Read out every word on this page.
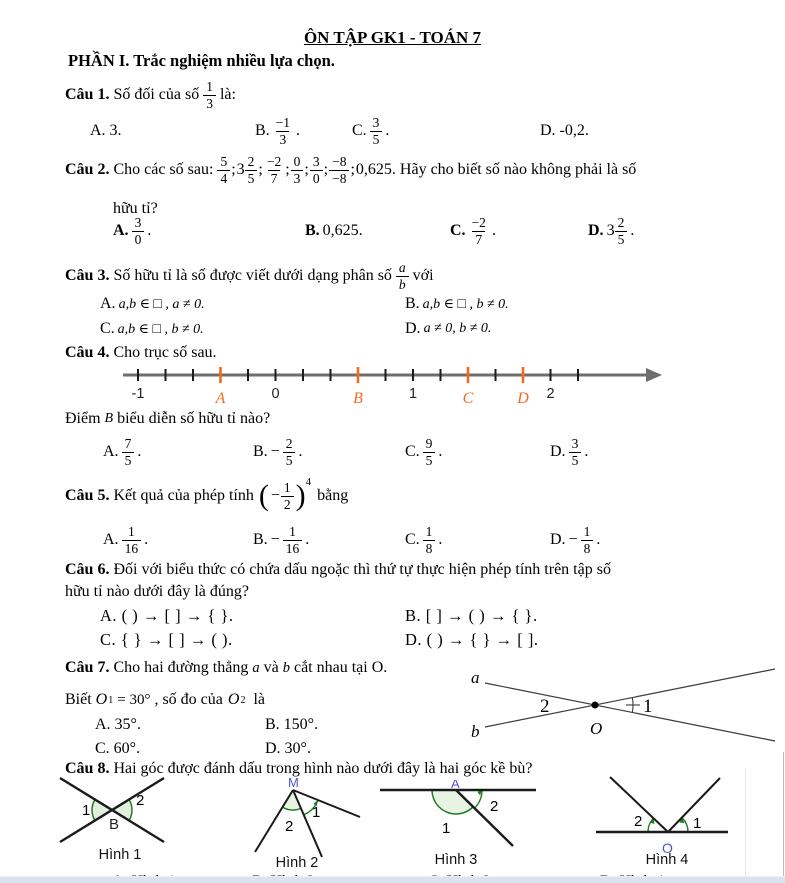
ÔN TẬP GK1 - TOÁN 7
PHẦN I. Trắc nghiệm nhiều lựa chọn.
Câu 1. Số đối của số $\frac{1}{3}$ là:
A. 3.	B. $\frac{-1}{3}$ .	C. $\frac{3}{5}$ .	D. -0,2.
Câu 2. Cho các số sau: $\frac{5}{4}$ ; $3 \frac{2}{5}$ ; $\frac{-2}{7}$ ; $\frac{0}{3}$ ; $\frac{3}{0}$ ; $\frac{-8}{-8}$ ; 0,625. Hãy cho biết số nào không phải là số
hữu tỉ?
A. $\frac{3}{0}$ .	B. 0,625.	C. $\frac{-2}{7}$ .	D. $3 \frac{2}{5}$ .
Câu 3. Số hữu tỉ là số được viết dưới dạng phân số $\frac{a}{b}$ với
A. a,b ∈ □ , a ≠ 0.	B. a,b ∈ □ , b ≠ 0.
C. a,b ∈ □ , b ≠ 0.	D. a ≠ 0, b ≠ 0.
Câu 4. Cho trục số sau.
-1	0	1	2
A	B	C	D
Điểm B biểu diễn số hữu tỉ nào?
A. $\frac{7}{5}$ .	B. − $\frac{2}{5}$ .	C. $\frac{9}{5}$ .	D. $\frac{3}{5}$ .
Câu 5. Kết quả của phép tính ( − $\frac{1}{2}$ ) 4
bằng
A. $\frac{1}{16}$ .	B. − $\frac{1}{16}$ .	C. $\frac{1}{8}$ .	D. − $\frac{1}{8}$ .
Câu 6. Đối với biểu thức có chứa dấu ngoặc thì thứ tự thực hiện phép tính trên tập số
hữu tỉ nào dưới đây là đúng?
A. ( ) → [ ] → { }.	B. [ ] → ( ) → { }.
C. { } → [ ] → ( ).	D. ( ) → { } → [ ].
Câu 7. Cho hai đường thẳng a và b cắt nhau tại O.
Biết O 1 = 30° , số đo của O 2 là
A. 35°.	B. 150°.
C. 60°.	D. 30°.
a
b
2	1
O
Câu 8. Hai góc được đánh dấu trong hình nào dưới đây là hai góc kề bù?
1
2
B
Hình 1
M
2
1
Hình 2
A
1
2
Hình 3
2	1
O
Hình 4
